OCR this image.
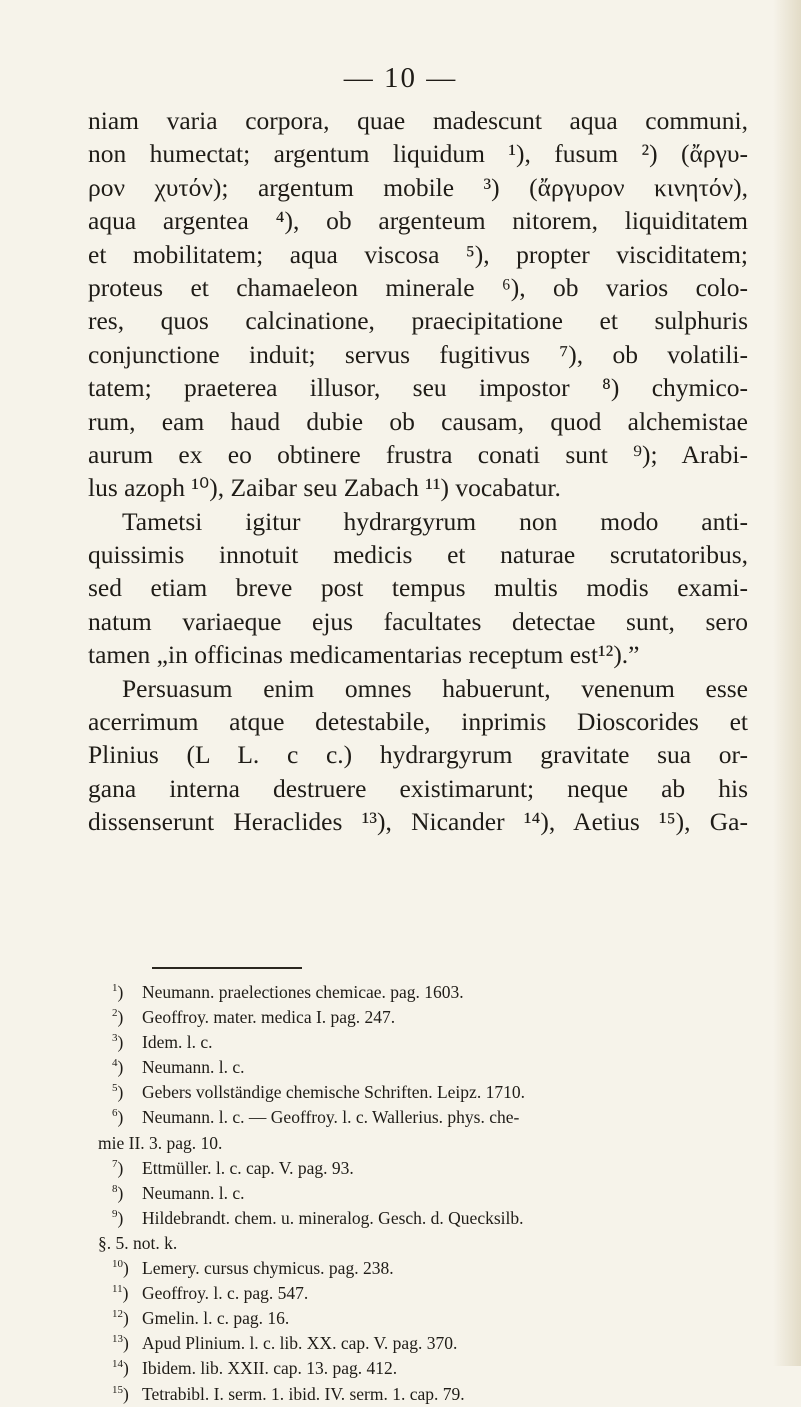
— 10 —
niam varia corpora, quae madescunt aqua communi,
non humectat; argentum liquidum ¹), fusum ²) (ἄργυ-
ρον χυτόν); argentum mobile ³) (ἄργυρον κινητόν),
aqua argentea ⁴), ob argenteum nitorem, liquiditatem
et mobilitatem; aqua viscosa ⁵), propter visciditatem;
proteus et chamaeleon minerale ⁶), ob varios colo-
res, quos calcinatione, praecipitatione et sulphuris
conjunctione induit; servus fugitivus ⁷), ob volatili-
tatem; praeterea illusor, seu impostor ⁸) chymico-
rum, eam haud dubie ob causam, quod alchemistae
aurum ex eo obtinere frustra conati sunt ⁹); Arabi-
lus azoph ¹⁰), Zaibar seu Zabach ¹¹) vocabatur.
Tametsi igitur hydrargyrum non modo anti-
quissimis innotuit medicis et naturae scrutatoribus,
sed etiam breve post tempus multis modis exami-
natum variaeque ejus facultates detectae sunt, sero
tamen „in officinas medicamentarias receptum est¹²).”
Persuasum enim omnes habuerunt, venenum esse
acerrimum atque detestabile, inprimis Dioscorides et
Plinius (L L. c c.) hydrargyrum gravitate sua or-
gana interna destruere existimarunt; neque ab his
dissenserunt Heraclides ¹³), Nicander ¹⁴), Aetius ¹⁵), Ga-
$^1$) Neumann. praelectiones chemicae. pag. 1603.
$^2$) Geoffroy. mater. medica I. pag. 247.
$^3$) Idem. l. c.
$^4$) Neumann. l. c.
$^5$) Gebers vollständige chemische Schriften. Leipz. 1710.
$^6$) Neumann. l. c. — Geoffroy. l. c. Wallerius. phys. che-
mie II. 3. pag. 10.
$^7$) Ettmüller. l. c. cap. V. pag. 93.
$^8$) Neumann. l. c.
$^9$) Hildebrandt. chem. u. mineralog. Gesch. d. Quecksilb.
§. 5. not. k.
$^{10}$) Lemery. cursus chymicus. pag. 238.
$^{11}$) Geoffroy. l. c. pag. 547.
$^{12}$) Gmelin. l. c. pag. 16.
$^{13}$) Apud Plinium. l. c. lib. XX. cap. V. pag. 370.
$^{14}$) Ibidem. lib. XXII. cap. 13. pag. 412.
$^{15}$) Tetrabibl. I. serm. 1. ibid. IV. serm. 1. cap. 79.
